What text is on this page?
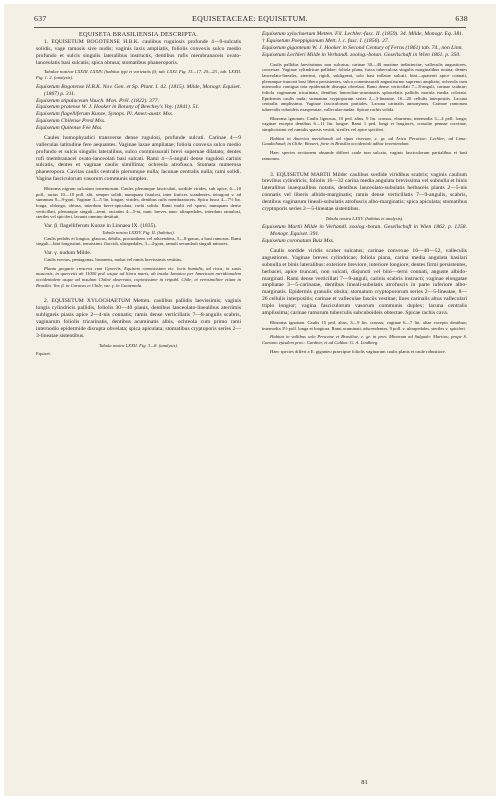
637	EQUISETACEAE: EQUISETUM.	638

EQUISETA BRASILIENSIA DESCRIPTA.

1. EQUISETUM BOGOTENSE H.B.K. caulibus rugulosis profunde 4—9-sulcatis solidis, vage ramosis sive nudis; vaginis laxis ampliatis, foliolis convexis sulco medio profundo et sulcis singulis lateralibus instructis, dentibus rufis membranaceis ovato-lanceolatis basi sulcatis; spica obtusa; stomatibus phaneroporis.

Tabulae nostrae LXXIII. LXXIV. (habitus typi et varietatis β); tab. LXXI. Fig. 15—17. 20—23., tab. LXXII. Fig. 1. 2. (analysis).

Equisetum Bogotense H.B.K. Nov. Gen. et Sp. Plant. I. 42. (1815). Milde, Monogr. Equiset. (1867) p. 311.

Equisetum stipulaceum Vauch. Mon. Prêl. (1822). 377.

Equisetum pratense W. J. Hooker in Botany of Beechey's Voy. (1841). 51.

Equisetum flagelliferum Kunze, Synops. Pl. Amer.-austr. Mss.

Equisetum Chilense Presl Mss.

Equisetum Quitense Fée Mss.

Caules homophyadici transverse dense rugulosi, profunde sulcati. Carinae 4—9 valleculas latitudine fere aequantes. Vaginae laxae ampliatae; foliola convexa sulco medio profundo et sulcis singulis lateralibus, sulco commissurali brevi supernae dilatato; dentes rufi membranacei ovato-lanceolati basi sulcati. Rami 4—5-anguli dense rugulosi carinis sulcatis, dentes et vaginae caulis simillima; ochreola atrofusca. Stomata numerosa phaneropora. Cavitas caulis centralis plerumque nulla; lacunae centralis nulla; rami solidi. Vagina fasciculorum vasorum communis simplex.

Rhizoma nigrum sulcatum tomentosum. Caules plerumque fasciculati, sordide virides, sub apice, 6—10 poll., rarius 10—18 poll. alti, semper solidi, numquam fistulosi, inter frutices scandentes, tetragoni v. ad summum 8—9-goni. Vaginae 3—5 lin. longae, virides, dentibus rufis membranaceis. Spica fusca 4—7½ lin. longa, oblonga, obtusa, interdum brevi-apiculata, rachi solida. Rami multi vel sparsi, numquam dense verticillati, plerumque singuli—terni, raciatim 4—5-ni, nunc breves nunc ultrapedales, interdum ramulosi, steriles vel spiciferi, lacunis omnino destituti.

Var. β. flagelliferum Kunze in Linnaea IX. (1835).

Tabula nostra LXXIV. Fig. II. (habitus).

Caulis pedalis et longior, glaucus, debilis, procumbens vel adscendens, 5—8-gonus, a basi ramosus. Rami singuli—bini longissimi, tenuissimi, flaccidi, ultrapedales, 3—4-goni, ramuli secundarii singuli minores.

Var. γ. nudum Milde.

Caulis erectus, pentagonus, brunneus, nudus vel ramis brevissimis vestitus.

Planta gregarie crescens cum Gyneriis, Equiseto ramosissimo etc. locis humidis, ad rivos, in saxis muscosis, in quercetis ab 11000 ped. usque ad litora maris, ab insula Jamaica per Americam meridionalem occidentalem usque ad insulam Chiloë observata, copiosissime in reipubl. Chile, et verosimiliter etiam in Brasilia. Var. β. in Caracas et Chile, var. γ. in Guatemala.

2. EQUISETUM XYLOCHAETUM Metten. caulibus pallidis laevissimis; vaginis longis cylindricis pallidis, foliolis 30—40 planis, dentibus lanceolato-linealibus aterrimis subligneis piasis apice 2—4-nis connatis; ramis dense verticillatis 7—8-angulis scabris, vaginarum foliolis tricarinatis, dentibus acuminatis albis, ochreola cum primo rami internodio epidermide disrupta obvelata; spica apiculata; stomatibus cryptoporis series 2—3-lineatae sistentibus.

Tabula nostra LXXII. Fig. 3—8. (analysis).

Equiset.

Equisetum xylochaetum Metten. Fil. Lechler.-fasc. II. (1859). 34. Milde, Monogr. Eq. 381.

† Equisetum Poeppigianum Mett. l. c. fasc. I. (1856). 27.

Equisetum giganteum W. J. Hooker in Second Century of Ferns (1861) tab. 74., non Linn.

Equisetum Lechleri Milde in Verhandl. zoolog.-botan. Gesellschaft in Wien 1861. p. 350.

Caulis pallidus laevissimus non sulcatus; carinae 30—40 maxime indistinctae, valleculis angustiores, convexae. Vaginae cylindricae pallidae; foliola plana, fusca tuberculosa singulis marginalibus notata; dentes lanceolato-lineales, aterrimi, rigidi, subligneai, solo basi inflatae sulcati, bini—quaterni apice connati, plerumque truncati basi libera persistentes, sulco commissurali angustissimo supremo ampliato; ochreola cum internodio contigua tota epidermide disrupta obvelata. Rami dense verticillati 7—8-anguli, carinae scabrae; foliola vaginarum tricarinata, dentibus lanceolato-acuminatis sphacelatis pallidis macula media colorata. Epidermis caulis nuda; stomatum cryptoporum series 2—3-lineatae, 16—20 cellulis interpositis. Lacuna centralis amplissima. Vaginae fasciculorum partiales. Lacuna carinalis annonymus. Carinae ramorum tuberculis cuboideis exasperatae, valleculae nudae. Spicae rachis solida.

Rhizoma ignotum. Caulis lignosus, 10 ped. altus, 9 lin. crassus, eburneus; internodia 3—4 poll. longa; vaginae excepto dentibus 6—11 lin. longae. Rami 1 ped. longi et longiores, crassitie pennae corvinae, simplicissimi vel ramulis sparsis vestiti, steriles vel apice spiciferi.

Habitat in America meridionali ad ripas riverum, e. gr. ad Arica Peruviae: Lechler; ad Lima: Gaudichaud; in Chile: Bessert, forte in Brasilia occidentali adhuc inveniendum.

Haec species sectionem absunde diffrert caule non sulcato, vaginis fasciculorum partialibus et basi ramorum.

3. EQUISETUM MARTII Milde: caulibus sordide viridibus scabris; vaginis caulium brevibus cylindricis, foliolis 16—32 carina media angulata brevissima vel subnulla et binis lateralibus inaequalibus notatis, dentibus lanceolato-subulatis herbaceis plants 2—5-nis connatis vel liberis albido-marginatis; ramis dense verticillatis 7—9-angulis, scabris, dentibus vaginarum lineali-subulatis atrofuscis albo-marginatis; spica apiculata; stomatibus cryptoporis series 2—5-lineatae sistentibus.

Tabula nostra LXXV. (habitus et analysis).

Equisetum Martii Milde in Verhandl. zoolog.-botan. Gesellschaft in Wien 1862. p. 1258. Monogr. Equiset. 391.

Equisetum coronatum Buiz Mss.

Caulis sordide viridis scaber sulcatus; carinae convexae 16—40—52, valleculis angustiores. Vaginae breves cylindricae; foliola plana, carina media angulata basilari subnulla et binis lateralibus: exteriore breviore, interiore longiore; dentes firmi persistentes, herbacei, apice truncati, non sulcati, disjuncti vel bini—terni connati, anguste albido-marginati. Rami dense verticillati 7—9-anguli, carinis scabris instructi; vaginae elongatae ampliatae 3—5-carinatae, dentibus lineali-subulatis atrofuscis in parte inferiore albo-marginatis. Epidermis granulis obsita; stomatum cryptopororum series 2—5-lineatae, 8—26 cellulis interpositis; carinae et valleculae fasciis vestitae; lines carinalis altus valleculari triplo longior; vagina fasciculorum vasorum communis duplex; lacuna centralis amplissima; carinae ramorum tuberculis subcuboideis obtectae. Spicae rachis cava.

Rhizoma ignotum. Caulis 15 ped. altus, 3—9 lin. crassus; vaginae 6—7 lin. altae excepto dentibus; internodia 3½ poll. longa et longiora. Rami acuminati, adscendentes, 9 poll. v. ultrapedales, steriles v. spiciferi.

Habitat in vallibus solo Peruviae et Brasiliae, e. gr. in prov. Minarum ad Salgado: Martius; prope S. Caetano ejusdem prov.: Gardner, et ad Caldas: G. A. Lindberg.

Haec species differt a E. giganteo praecipue foliolis vaginarum caulis planis et caule robustiore.

81
